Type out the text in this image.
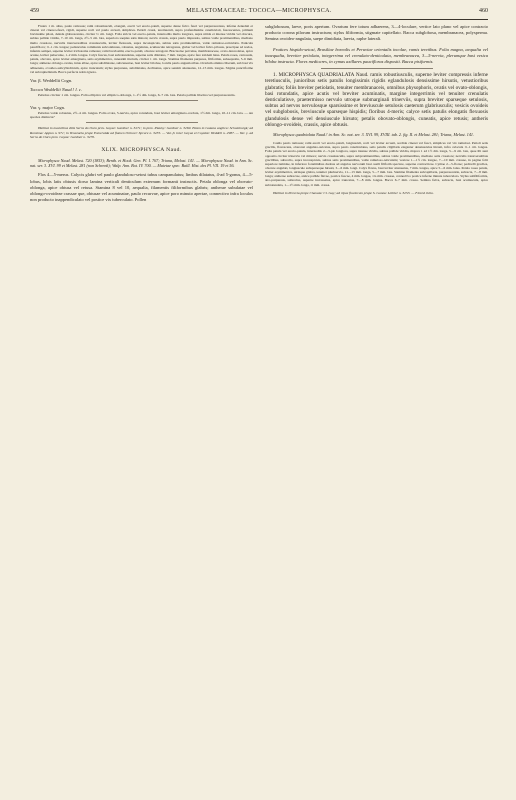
459	MELASTOMACEAE: TOCOCA—MICROPHYSCA.	460

Frutex 1 m. altus, paulo ramosus; rami robustiusculi, elongati, erecti vel erecto-patuli, superne dense fulvo fusci vel purpurascentes, inferne denudati et cinerei vel cinereo-fusci, rigidi, superne recti vel paulo arcuati, simplices. Petioli crassi, teretiusculi, supra profundissime canaliculati, fuscescentes, primum brevissime pilosi, deinde glabrescentes, circiter ⅓ cm. longi. Folia stricta vel erecto-patula, internodiis multo longiora, supra nitida et intense viridia vel obscura, subtus pallide viridia, 7–10 cm. longa, 2½–5 cm. lata, superiora saepius satis minora; nervis crassis, supra paulo impressis, subtus valde prominentibus, mediano multo crassiore, nervulis transversalibus crassiusculis, leviter flexuosis, supra inconspicuis, subtus satis prominentibus, valde ramuloso-reticulatis. Panicula paucifllora; ⅓–1 cm. longae; pedunculus communis subcontinuus, robustus, angulatus, acutiuscule tetragonus, glaber vel leviter fulvo-pilosus, praecipue ad nodos, infernis semper, superne leviter trichotome ramosus; rami brevissimi, erecto-patuli, obscure tetragoni. Bracteolae parvulae, membranaceae, ovato-lanceolatae, apice acutae, leviter pubeculae, 1–2 mm. longae. Calyx fuscus, basi subrotundatus, superne satis dilatatus, 7 mm. longus, apice fere totidem latus. Petala rosea, carnosula, patula, obovata, apice leviter emarginata, satis asymmetrica, cuneatim tinctum, circiter 1 cm. longa. Stamina filamenta purpurea, filiformia, subaequalia, 5–6 mm. longa; antherae oblongo-ovales, intus albae, apice subdilatatae, subcuneatae, basi leviter bilobae, loculis paulo angustioribus. Ovarium omnino liberum, sub basi vix adhaerens, ovoideo-subcylindricum, apice truncatum; stylus purpureus, subdilatatus, declinatus, apice sensim attenuatus, 12–15 mm. longus. Stigma punctiforme vel subcapitellatum. Bacca perfecta nobis ignota.

Var. β. Weddellii Cogn.

Tococa Weddellii Naud.! l. c.

Petiolus circiter 1 cm. longus. Folia elliptica vel elliptico-oblonga, 1–1½ dm. longa, 6–7 cm. lata. Petala pallide lilacina vel purpurascentia.

Var. γ. major Cogn.

Petiolus valde robustus, 2½–4 cm. longus. Folia ovata, 5-nervia, apice rotundata, basi leviter emarginato-cordata, 1½ dm. longa, 10–11 cm. lata. — An species distincta?

Habitat in maculibus ditis Serra do Ouro prov. Goyaz: Gardner n. 3271; in prov. Piauhy: Gardner n. 3269. Etiam in Guiana anglica: Schomburgk; ad Roraima: Appun n. 971; in Venezuela prope Esmeralda ad flumen Orinoci: Spruce n. 3235. — Var. β. inter Goyaz et Cuyabá: Weddell n. 2987. — Var. γ. ad Serra do Ouro prov. Goyaz: Gardner n. 3270.

XLIX. MICROPHYSCA Naud.

Microphysca Naud. Melast. 720 (1853); Benth. et Hook. Gen. Pl. I. 767; Triana, Melast. 141. — Microphysca Naud. in Ann. Sc. nat. ser. 3. XVI. 99 et Melast. 281 (non Schrenk); Walp. Ann. Bot. IV. 700. — Maietae spec. Baill. Hist. des Pl. VII. 19 et 56.

Flos 4—5-merus. Calycis glabri vel paulo glandulosо-setosi tubus campanulatus; limbus dilatatus, 4-ad 5-gonus, 4—5-lobus, lobis latis obtusis dorso lamina verticali denticulum externum formanti instructis. Petala oblonga vel obovato-oblonga, apice obtusa vel retusa. Stamina 8 vel 10, aequalia, filamentis filiformibus glabris; antherae subulatae vel oblongo-ovoideae crassae que, obtusae vel acuminatae, paulo recurvae, apice poro minuto apertae, connectivo infra loculos non producto inappendiculato vel postice vix tuberculato. Pollen

subglobosum, laeve, poris apertum. Ovarium fere totum adhaerens, 3—4-loculare, vertice lato plano vel apice contracto producto corona pilorum instructum; stylus filiformia, stigmate capitellato. Bacca subglobosa, membranacea, polysperma. Semina ovoideo-angulata, saepe dimidiata, laevia, raphe laterali.

Frutices hispido-setosi, Brasiliae borealis et Peruviae orientalis incolae, ramis teretibus. Folia magna, aequalia vel inaequalia, breviter petiolata, integerrima vel crenulato-denticulata, membranacea, 3—5-nervia, plerumque basi vesica biloba instructa. Flores mediocres, in cymas axillares pauciflоras dispositi. Bacca pisiformis.

1. MICROPHYSCA QUADRIALATA Naud. ramis robustiusculis, superne leviter compressis inferne teretiusculis, junioribus setis patulis longissimis rigidis eglandulosis densissime hirsutis, vetustioribus glabratis; foliis breviter petiolatis, tenuiter membranaceis, omnibus physophoris, ovatis vel ovato-oblongis, basi rotundatis, apice acutis vel breviter acuminatis, margine integerrimis vel tenuiter crenulatis denticulatisve, praetermisso nervulo utroque submarginali trinerviis, supra breviter sparseque setulosis, subtus ad nervos nervulosque sparsissime et breviuscule setulosis caeterum glabriusculis; vesicis ovoideis vel subglobosis, breviuscule sparseque hispidis; floribus 4-meris; calyce setis patulis elongatis flexuosis glandulosis dense vel densiuscule hirsuto; petalis obovato-oblongis, cuneatis, apice retusis; antheris oblongo-ovoideis, crassis, apice obtusis.

Microphysca quadrialata Naud.! in Ann. Sc. nat. ser. 3. XVI. 99, XVIII. tab. 2. fig. II. et Melast. 281; Triana, Melast. 141.

Caulis paulo ramosus; rami erecti vel erecto-patuli, longiusculi, recti vel leviter arcuati, sordide cinerei vel fusci, simplices vel vix ramulosi. Petioli setis gracilis, flavescens, oberonsi angulato-sulcatus, supra paulo canaliculatus, setis patulis cilgillatis eleganter densiusculus hirsuti, infra oviscula ⅓–1 cm. longus. Folia patula vel erecto-patula, internodiis 2—3-plo longiora, supra intense viridia, subtus pallide viridia, majora 1 ad 1½ dm. longa, 5—9 cm. lata, quae illi sunt opposita circiter trinervia vel minora; nervis crassiusculis, supra subprominentibus, subtus valde prominentibus, mediano satis crassiore; nervulis transversalibus gracilibus, subrectis, supra inconspicuis, subtus satis prominentibus, valde ramuloso-reticulatis; vesicae 1—1½ cm. longae, 7—10 mm. crassae, in pagina folii superiore tumidae, in inferiore foraminibus duobus ad angulos nervorum basi ossili filiform spectare, superne contracticae. Cymae 2—5-florae; pedicelli graciles, obscure angulati, longiuscule subsparseque hirsuti, 3—6 mm. longi. Calyx flavus, basi leviter attenuatus, 7 mm. longus, apice 5—6 mm. latus. Petala rosea patula, leviter asymmetrica, utrinque glabra, tenuiter plurinervia, 11—13 mm. longa, 5—7 mm. lata. Stamina filamenta subcapillaria, purpurascentia, subrecta, 7—8 mm. longa; antherae subrectae, antice pallide flavae, postice fuscae, 4 mm. longae, 1¼ mm. crassae, connectivo postice inferne minute tuberculato. Stylus subfiliformis, atro-purpureus, subrectus, superne incrassatus, apice truncatus, 7—8 mm. longus. Bacca 6–7 mm. crassa. Semina fulva, subrecta, basi acutiuscula, apice subrotundata, 1—1½ mm. longa, ⅔ mm. crassa.

Habitat in Peruvia prope Chasuta: Cl. Gay; ad ripas fluviorum prope S. Gonza: Leibler n. 3253. — Flored Julio.
